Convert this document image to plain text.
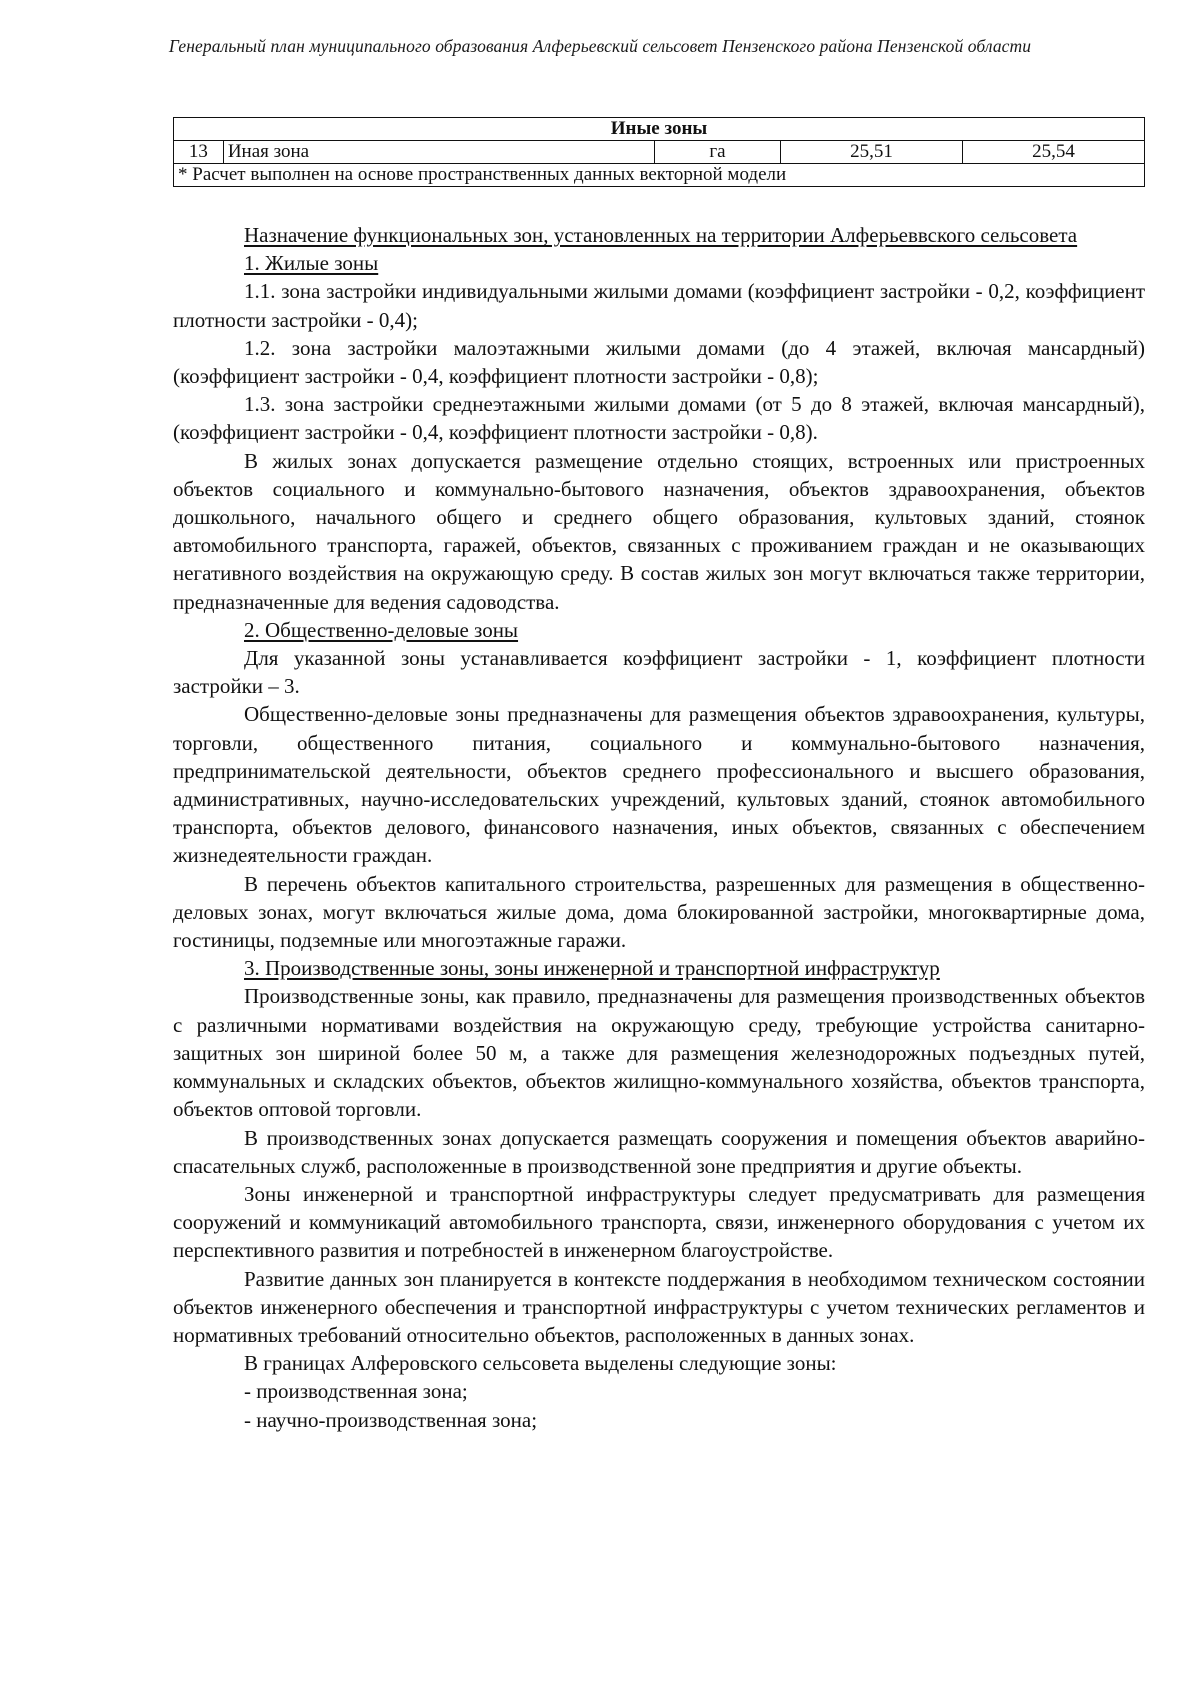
Генеральный план муниципального образования Алферьевский сельсовет Пензенского района Пензенской области
Иные зоны
13	Иная зона	га	25,51	25,54
* Расчет выполнен на основе пространственных данных векторной модели

Назначение функциональных зон, установленных на территории Алферьеввского сельсовета

1. Жилые зоны

1.1. зона застройки индивидуальными жилыми домами (коэффициент застройки - 0,2, коэффициент плотности застройки - 0,4);

1.2. зона застройки малоэтажными жилыми домами (до 4 этажей, включая мансардный) (коэффициент застройки - 0,4, коэффициент плотности застройки - 0,8);

1.3. зона застройки среднеэтажными жилыми домами (от 5 до 8 этажей, включая мансардный), (коэффициент застройки - 0,4, коэффициент плотности застройки - 0,8).

В жилых зонах допускается размещение отдельно стоящих, встроенных или пристроенных объектов социального и коммунально-бытового назначения, объектов здравоохранения, объектов дошкольного, начального общего и среднего общего образования, культовых зданий, стоянок автомобильного транспорта, гаражей, объектов, связанных с проживанием граждан и не оказывающих негативного воздействия на окружающую среду. В состав жилых зон могут включаться также территории, предназначенные для ведения садоводства.

2. Общественно-деловые зоны

Для указанной зоны устанавливается коэффициент застройки - 1, коэффициент плотности застройки – 3.

Общественно-деловые зоны предназначены для размещения объектов здравоохранения, культуры, торговли, общественного питания, социального и коммунально-бытового назначения, предпринимательской деятельности, объектов среднего профессионального и высшего образования, административных, научно-исследовательских учреждений, культовых зданий, стоянок автомобильного транспорта, объектов делового, финансового назначения, иных объектов, связанных с обеспечением жизнедеятельности граждан.

В перечень объектов капитального строительства, разрешенных для размещения в общественно-деловых зонах, могут включаться жилые дома, дома блокированной застройки, многоквартирные дома, гостиницы, подземные или многоэтажные гаражи.

3. Производственные зоны, зоны инженерной и транспортной инфраструктур

Производственные зоны, как правило, предназначены для размещения производственных объектов с различными нормативами воздействия на окружающую среду, требующие устройства санитарно-защитных зон шириной более 50 м, а также для размещения железнодорожных подъездных путей, коммунальных и складских объектов, объектов жилищно-коммунального хозяйства, объектов транспорта, объектов оптовой торговли.

В производственных зонах допускается размещать сооружения и помещения объектов аварийно-спасательных служб, расположенные в производственной зоне предприятия и другие объекты.

Зоны инженерной и транспортной инфраструктуры следует предусматривать для размещения сооружений и коммуникаций автомобильного транспорта, связи, инженерного оборудования с учетом их перспективного развития и потребностей в инженерном благоустройстве.

Развитие данных зон планируется в контексте поддержания в необходимом техническом состоянии объектов инженерного обеспечения и транспортной инфраструктуры с учетом технических регламентов и нормативных требований относительно объектов, расположенных в данных зонах.

В границах Алферовского сельсовета выделены следующие зоны:

- производственная зона;

- научно-производственная зона;
